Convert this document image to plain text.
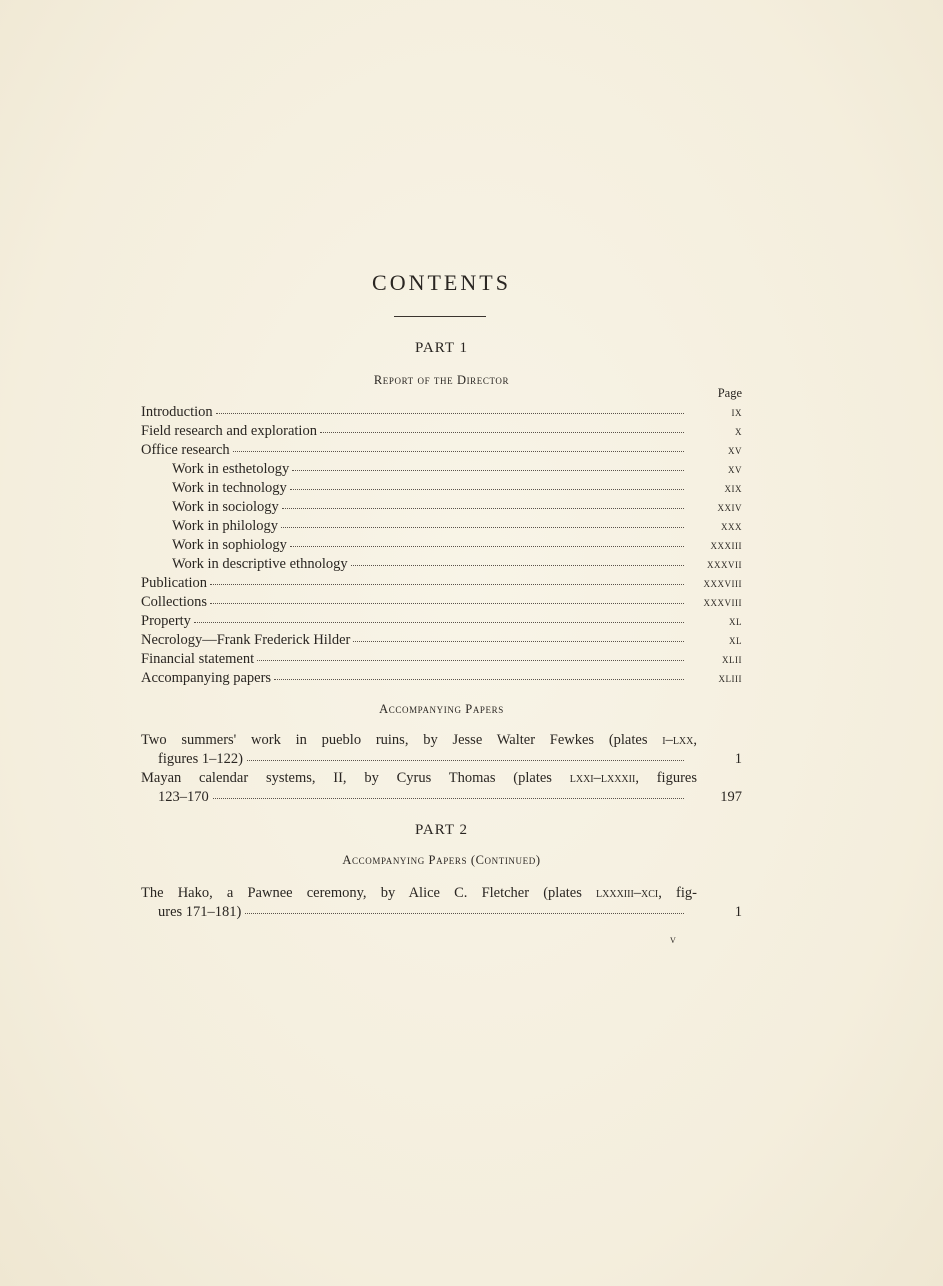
CONTENTS
PART 1
Report of the Director
Page
Introduction	ix
Field research and exploration	x
Office research	xv
Work in esthetology	xv
Work in technology	xix
Work in sociology	xxiv
Work in philology	xxx
Work in sophiology	xxxiii
Work in descriptive ethnology	xxxvii
Publication	xxxviii
Collections	xxxviii
Property	xl
Necrology—Frank Frederick Hilder	xl
Financial statement	xlii
Accompanying papers	xliii
Accompanying Papers
Two summers' work in pueblo ruins, by Jesse Walter Fewkes (plates i–lxx,
figures 1–122)	1
Mayan calendar systems, II, by Cyrus Thomas (plates lxxi–lxxxii, figures
123–170	197
PART 2
Accompanying Papers (Continued)
The Hako, a Pawnee ceremony, by Alice C. Fletcher (plates lxxxiii–xci, fig-
ures 171–181)	1
v
